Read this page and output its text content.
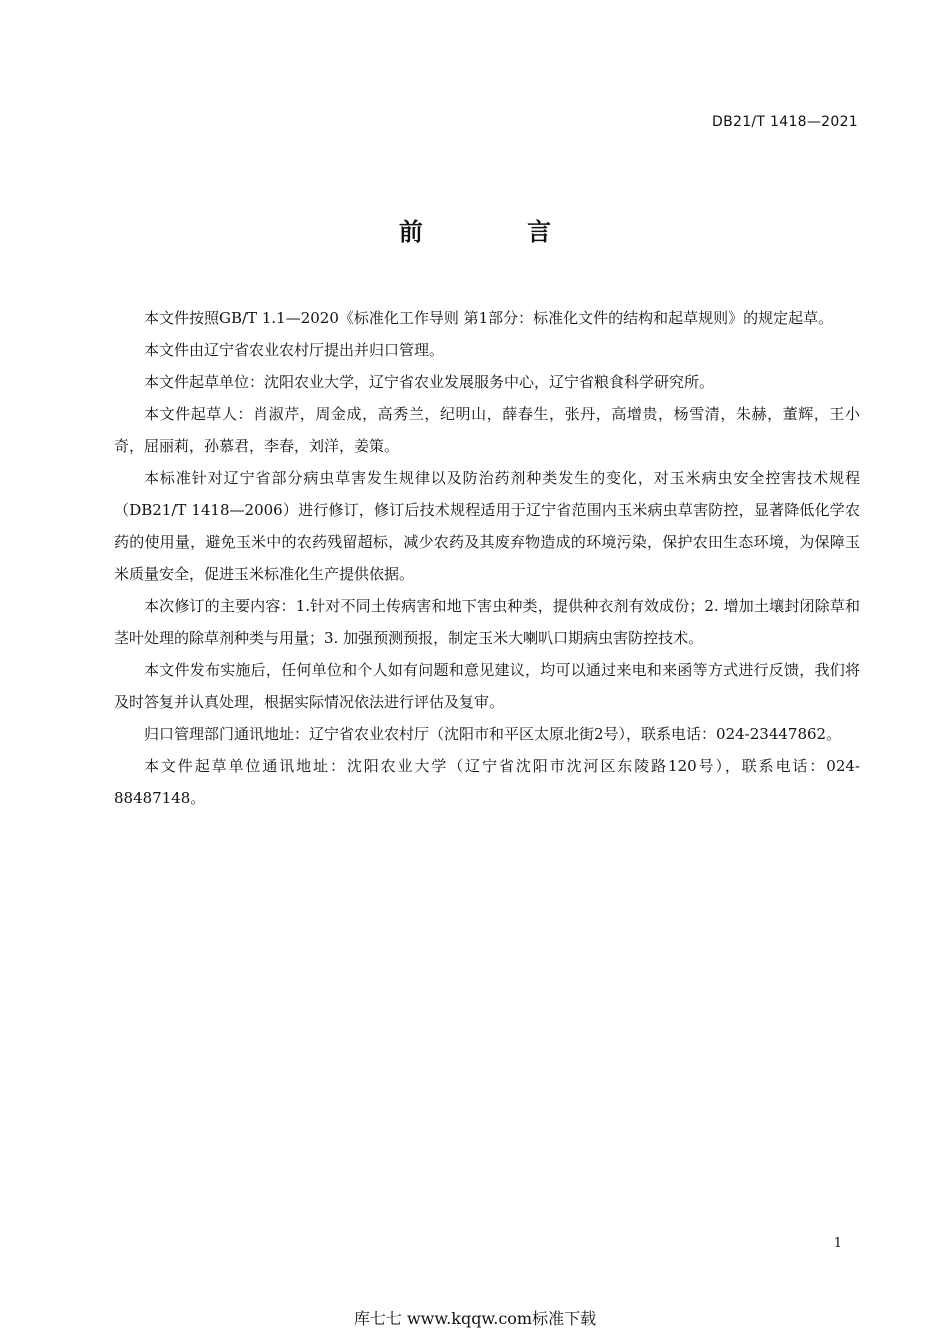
DB21/T 1418—2021
前 言

本文件按照GB/T 1.1—2020《标准化工作导则 第1部分：标准化文件的结构和起草规则》的规定起草。

本文件由辽宁省农业农村厅提出并归口管理。

本文件起草单位：沈阳农业大学，辽宁省农业发展服务中心，辽宁省粮食科学研究所。

本文件起草人：肖淑芹，周金成，高秀兰，纪明山，薛春生，张丹，高增贵，杨雪清，朱赫，董辉，王小奇，屈丽莉，孙慕君，李春，刘洋，姜策。

本标准针对辽宁省部分病虫草害发生规律以及防治药剂种类发生的变化，对玉米病虫安全控害技术规程（DB21/T 1418—2006）进行修订，修订后技术规程适用于辽宁省范围内玉米病虫草害防控，显著降低化学农药的使用量，避免玉米中的农药残留超标，减少农药及其废弃物造成的环境污染，保护农田生态环境，为保障玉米质量安全，促进玉米标准化生产提供依据。

本次修订的主要内容：1.针对不同土传病害和地下害虫种类，提供种衣剂有效成份；2. 增加土壤封闭除草和茎叶处理的除草剂种类与用量；3. 加强预测预报，制定玉米大喇叭口期病虫害防控技术。

本文件发布实施后，任何单位和个人如有问题和意见建议，均可以通过来电和来函等方式进行反馈，我们将及时答复并认真处理，根据实际情况依法进行评估及复审。

归口管理部门通讯地址：辽宁省农业农村厅（沈阳市和平区太原北街2号），联系电话：024-23447862。

本文件起草单位通讯地址：沈阳农业大学（辽宁省沈阳市沈河区东陵路120号），联系电话：024-88487148。

1
库七七 www.kqqw.com标准下载
